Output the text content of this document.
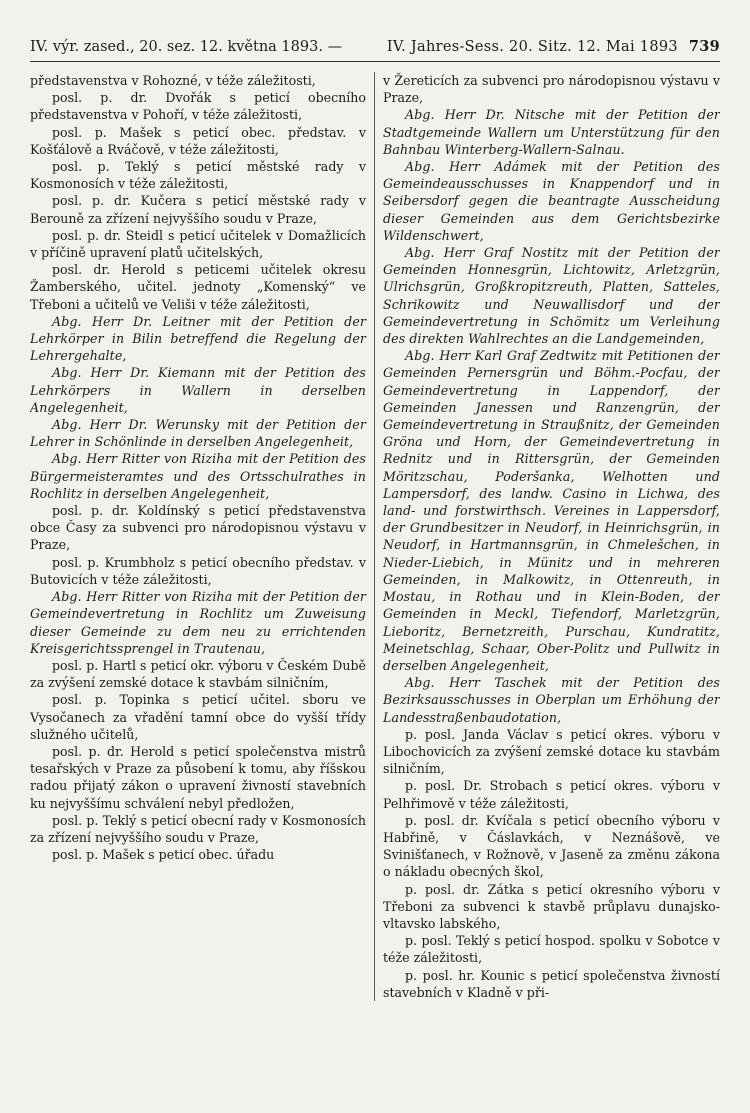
IV. výr. zased., 20. sez. 12. května 1893. —	IV. Jahres-Sess. 20. Sitz. 12. Mai 1893 739

představenstva v Rohozné, v téže záležitosti,

posl. p. dr. Dvořák s peticí obecního představenstva v Pohoří, v téže záležitosti,

posl. p. Mašek s peticí obec. představ. v Košťálově a Rváčově, v téže záležitosti,

posl. p. Teklý s peticí městské rady v Kosmonosích v téže záležitosti,

posl. p. dr. Kučera s peticí městské rady v Berouně za zřízení nejvyššího soudu v Praze,

posl. p. dr. Steidl s peticí učitelek v Domažlicích v příčině upravení platů učitelských,

posl. dr. Herold s peticemi učitelek okresu Žamberského, učitel. jednoty „Komenský“ ve Třeboni a učitelů ve Veliši v téže záležitosti,

Abg. Herr Dr. Leitner mit der Petition der Lehrkörper in Bilin betreffend die Regelung der Lehrergehalte,

Abg. Herr Dr. Kiemann mit der Petition des Lehrkörpers in Wallern in derselben Angelegenheit,

Abg. Herr Dr. Werunsky mit der Petition der Lehrer in Schönlinde in derselben Angelegenheit,

Abg. Herr Ritter von Riziha mit der Petition des Bürgermeisteramtes und des Ortsschulrathes in Rochlitz in derselben Angelegenheit,

posl. p. dr. Koldínský s peticí představenstva obce Časy za subvenci pro národopisnou výstavu v Praze,

posl. p. Krumbholz s peticí obecního představ. v Butovicích v téže záležitosti,

Abg. Herr Ritter von Riziha mit der Petition der Gemeindevertretung in Rochlitz um Zuweisung dieser Gemeinde zu dem neu zu errichtenden Kreisgerichtssprengel in Trautenau,

posl. p. Hartl s peticí okr. výboru v Českém Dubě za zvýšení zemské dotace k stavbám silničním,

posl. p. Topinka s peticí učitel. sboru ve Vysočanech za vřadění tamní obce do vyšší třídy služného učitelů,

posl. p. dr. Herold s peticí společenstva mistrů tesařských v Praze za působení k tomu, aby říšskou radou přijatý zákon o upravení živností stavebních ku nejvyššímu schválení nebyl předložen,

posl. p. Teklý s peticí obecní rady v Kosmonosích za zřízení nejvyššího soudu v Praze,

posl. p. Mašek s peticí obec. úřadu

v Žereticích za subvenci pro národopisnou výstavu v Praze,

Abg. Herr Dr. Nitsche mit der Petition der Stadtgemeinde Wallern um Unterstützung für den Bahnbau Winterberg-Wallern-Salnau.

Abg. Herr Adámek mit der Petition des Gemeindeausschusses in Knappendorf und in Seibersdorf gegen die beantragte Ausscheidung dieser Gemeinden aus dem Gerichtsbezirke Wildenschwert,

Abg. Herr Graf Nostitz mit der Petition der Gemeinden Honnesgrün, Lichtowitz, Arletzgrün, Ulrichsgrün, Großkropitzreuth, Platten, Satteles, Schrikowitz und Neuwallisdorf und der Gemeindevertretung in Schömitz um Verleihung des direkten Wahlrechtes an die Landgemeinden,

Abg. Herr Karl Graf Zedtwitz mit Petitionen der Gemeinden Pernersgrün und Böhm.-Pocfau, der Gemeindevertretung in Lappendorf, der Gemeinden Janessen und Ranzengrün, der Gemeindevertretung in Straußnitz, der Gemeinden Gröna und Horn, der Gemeindevertretung in Rednitz und in Rittersgrün, der Gemeinden Möritzschau, Poderšanka, Welhotten und Lampersdorf, des landw. Casino in Lichwa, des land- und forstwirthsch. Vereines in Lappersdorf, der Grundbesitzer in Neudorf, in Heinrichsgrün, in Neudorf, in Hartmannsgrün, in Chmelešchen, in Nieder-Liebich, in Münitz und in mehreren Gemeinden, in Malkowitz, in Ottenreuth, in Mostau, in Rothau und in Klein-Boden, der Gemeinden in Meckl, Tiefendorf, Marletzgrün, Lieboritz, Bernetzreith, Purschau, Kundratitz, Meinetschlag, Schaar, Ober-Politz und Pullwitz in derselben Angelegenheit,

Abg. Herr Taschek mit der Petition des Bezirksausschusses in Oberplan um Erhöhung der Landesstraßenbaudotation,

p. posl. Janda Václav s peticí okres. výboru v Libochovicích za zvýšení zemské dotace ku stavbám silničním,

p. posl. Dr. Strobach s peticí okres. výboru v Pelhřimově v téže záležitosti,

p. posl. dr. Kvíčala s peticí obecního výboru v Habřině, v Čáslavkách, v Neznášově, ve Svinišťanech, v Rožnově, v Jaseně za změnu zákona o nákladu obecných škol,

p. posl. dr. Zátka s peticí okresního výboru v Třeboni za subvenci k stavbě průplavu dunajsko-vltavsko labského,

p. posl. Teklý s peticí hospod. spolku v Sobotce v téže záležitosti,

p. posl. hr. Kounic s peticí společenstva živností stavebních v Kladně v při-
